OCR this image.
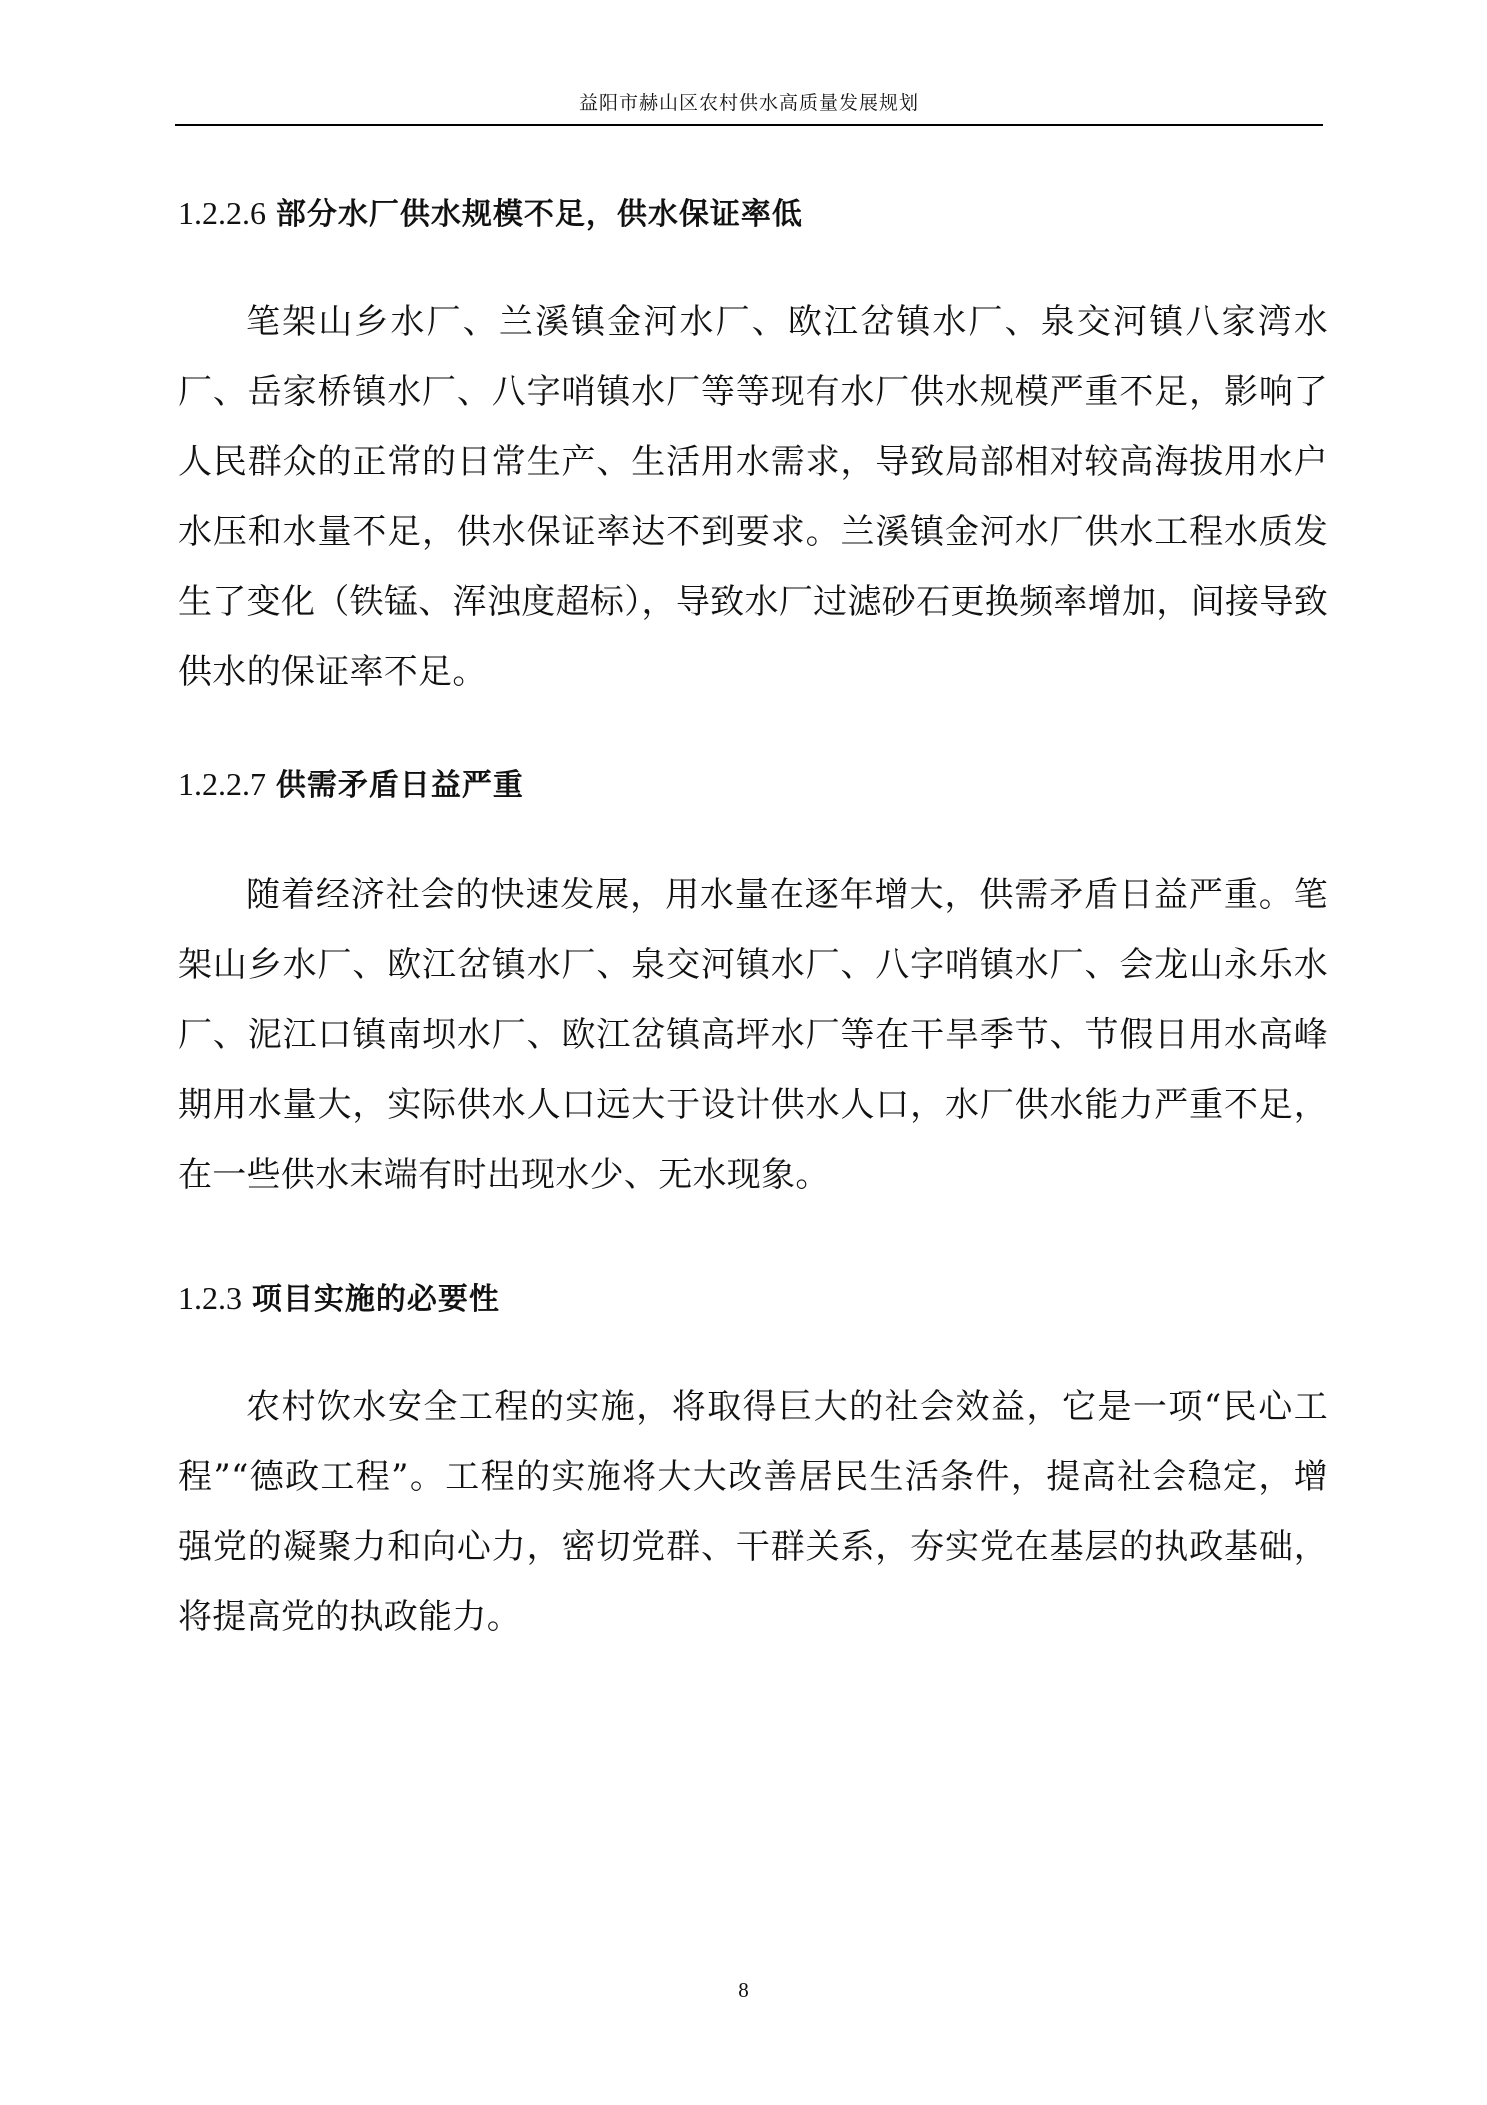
益阳市赫山区农村供水高质量发展规划
1.2.2.6 部分水厂供水规模不足，供水保证率低

笔架山乡水厂、兰溪镇金河水厂、欧江岔镇水厂、泉交河镇八家湾水厂、岳家桥镇水厂、八字哨镇水厂等等现有水厂供水规模严重不足，影响了人民群众的正常的日常生产、生活用水需求，导致局部相对较高海拔用水户水压和水量不足，供水保证率达不到要求。兰溪镇金河水厂供水工程水质发生了变化（铁锰、浑浊度超标），导致水厂过滤砂石更换频率增加，间接导致供水的保证率不足。

1.2.2.7 供需矛盾日益严重

随着经济社会的快速发展，用水量在逐年增大，供需矛盾日益严重。笔架山乡水厂、欧江岔镇水厂、泉交河镇水厂、八字哨镇水厂、会龙山永乐水厂、泥江口镇南坝水厂、欧江岔镇高坪水厂等在干旱季节、节假日用水高峰期用水量大，实际供水人口远大于设计供水人口，水厂供水能力严重不足，在一些供水末端有时出现水少、无水现象。

1.2.3 项目实施的必要性

农村饮水安全工程的实施，将取得巨大的社会效益，它是一项“民心工程”“德政工程”。工程的实施将大大改善居民生活条件，提高社会稳定，增强党的凝聚力和向心力，密切党群、干群关系，夯实党在基层的执政基础，将提高党的执政能力。

8
